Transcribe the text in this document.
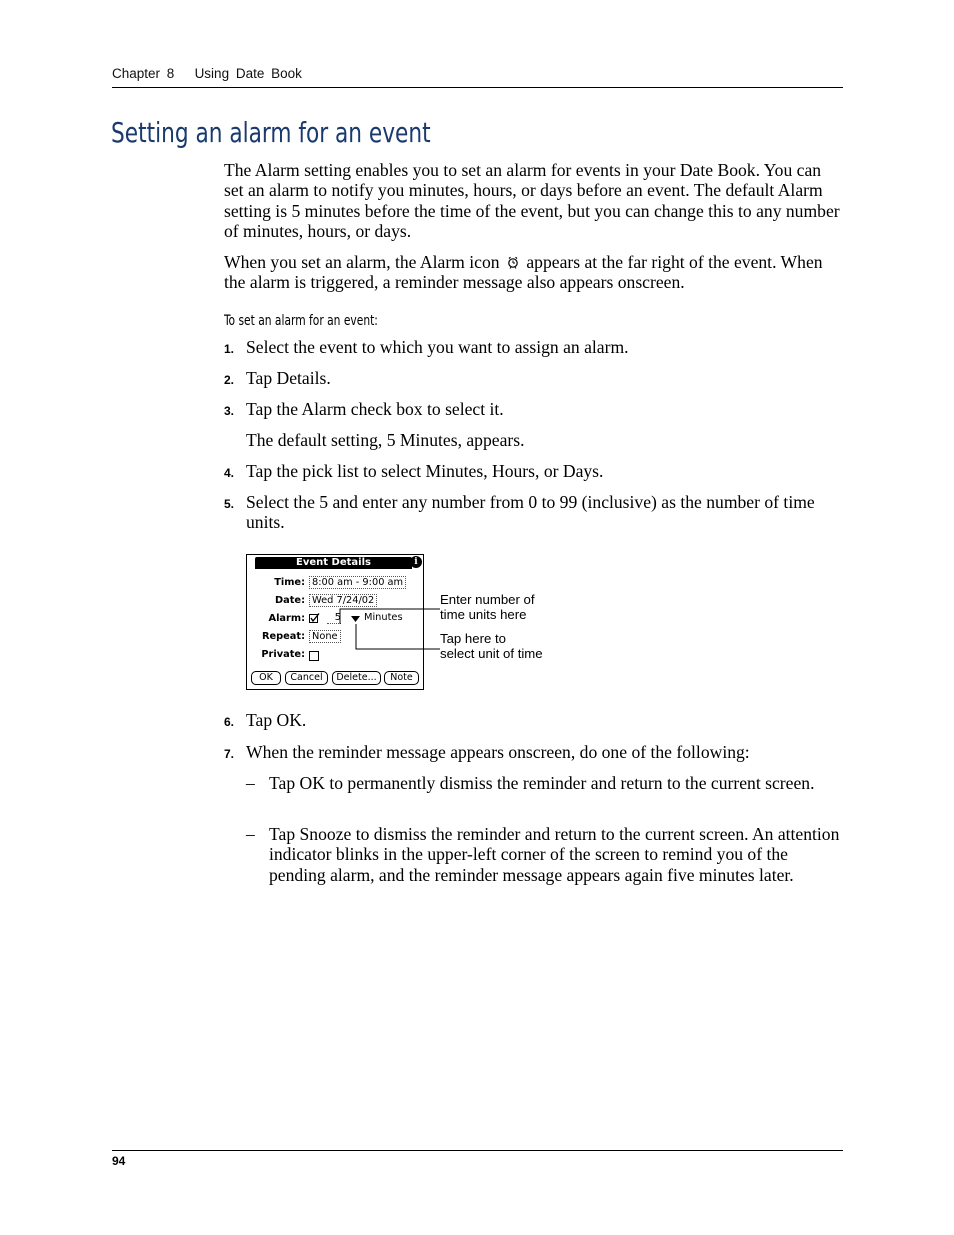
Chapter 8 Using Date Book
Setting an alarm for an event

The Alarm setting enables you to set an alarm for events in your Date Book. You can set an alarm to notify you minutes, hours, or days before an event. The default Alarm setting is 5 minutes before the time of the event, but you can change this to any number of minutes, hours, or days.

When you set an alarm, the Alarm icon appears at the far right of the event. When the alarm is triggered, a reminder message also appears onscreen.

To set an alarm for an event:
1. Select the event to which you want to assign an alarm.
2. Tap Details.
3. Tap the Alarm check box to select it.
The default setting, 5 Minutes, appears.
4. Tap the pick list to select Minutes, Hours, or Days.
5. Select the 5 and enter any number from 0 to 99 (inclusive) as the number of time units.
Event Details	i
Time: 8:00 am - 9:00 am
Date: Wed 7/24/02
Alarm:	5 Minutes
Repeat: None
Private:
OK	Cancel	Delete...	Note
Enter number of
time units here
Tap here to
select unit of time
6. Tap OK.
7. When the reminder message appears onscreen, do one of the following:
– Tap OK to permanently dismiss the reminder and return to the current screen.
– Tap Snooze to dismiss the reminder and return to the current screen. An attention indicator blinks in the upper-left corner of the screen to remind you of the pending alarm, and the reminder message appears again five minutes later.
94
